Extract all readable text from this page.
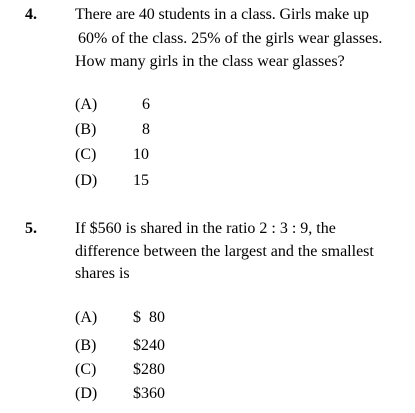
4. There are 40 students in a class. Girls make up
60% of the class. 25% of the girls wear glasses.
How many girls in the class wear glasses?
(A)	6
(B)	8
(C) 10
(D) 15
5. If $560 is shared in the ratio 2 : 3 : 9, the
difference between the largest and the smallest
shares is
(A) $  80
(B) $240
(C) $280
(D) $360
